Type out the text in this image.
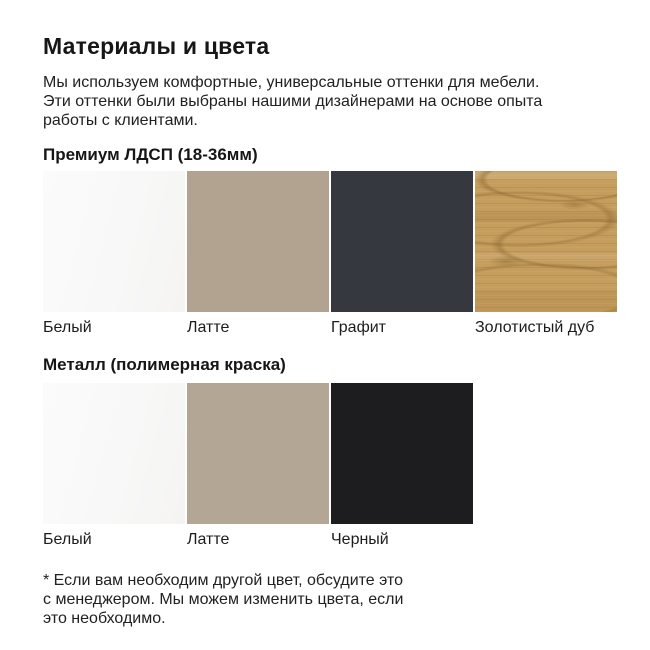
Материалы и цвета
Мы используем комфортные, универсальные оттенки для мебели.
Эти оттенки были выбраны нашими дизайнерами на основе опыта
работы с клиентами.
Премиум ЛДСП (18-36мм)
Белый	Латте	Графит	Золотистый дуб
Металл (полимерная краска)
Белый	Латте	Черный
* Если вам необходим другой цвет, обсудите это
с менеджером. Мы можем изменить цвета, если
это необходимо.
